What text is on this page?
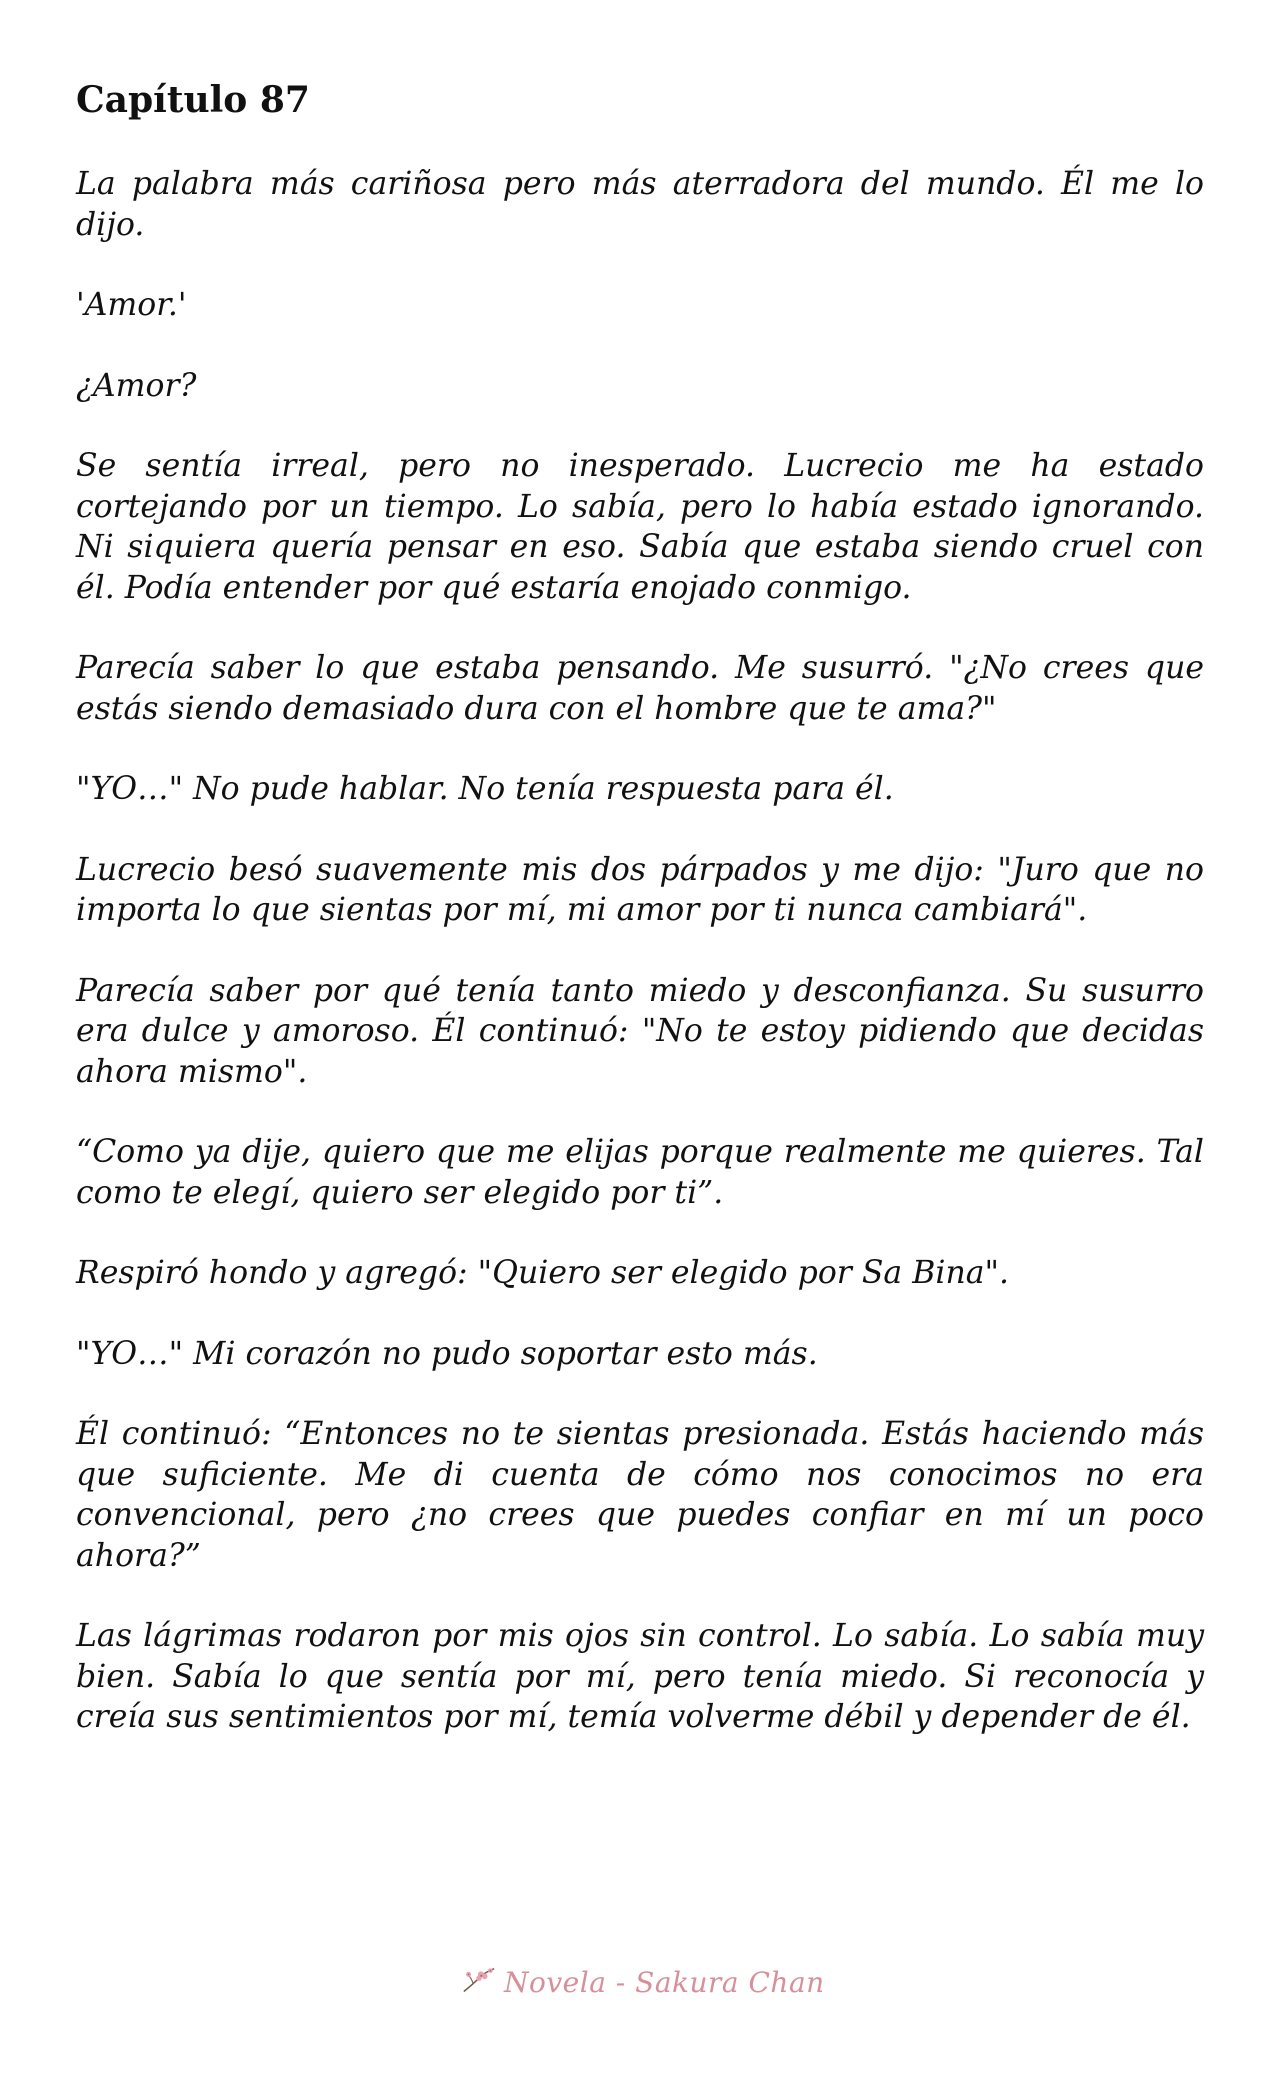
Capítulo 87

La palabra más cariñosa pero más aterradora del mundo. Él me lo dijo.

'Amor.'

¿Amor?

Se sentía irreal, pero no inesperado. Lucrecio me ha estado cortejando por un tiempo. Lo sabía, pero lo había estado ignorando. Ni siquiera quería pensar en eso. Sabía que estaba siendo cruel con él. Podía entender por qué estaría enojado conmigo.

Parecía saber lo que estaba pensando. Me susurró. "¿No crees que estás siendo demasiado dura con el hombre que te ama?"

"YO…" No pude hablar. No tenía respuesta para él.

Lucrecio besó suavemente mis dos párpados y me dijo: "Juro que no importa lo que sientas por mí, mi amor por ti nunca cambiará".

Parecía saber por qué tenía tanto miedo y desconfianza. Su susurro era dulce y amoroso. Él continuó: "No te estoy pidiendo que decidas ahora mismo".

“Como ya dije, quiero que me elijas porque realmente me quieres. Tal como te elegí, quiero ser elegido por ti”.

Respiró hondo y agregó: "Quiero ser elegido por Sa Bina".

"YO…" Mi corazón no pudo soportar esto más.

Él continuó: “Entonces no te sientas presionada. Estás haciendo más que suficiente. Me di cuenta de cómo nos conocimos no era convencional, pero ¿no crees que puedes confiar en mí un poco ahora?”

Las lágrimas rodaron por mis ojos sin control. Lo sabía. Lo sabía muy bien. Sabía lo que sentía por mí, pero tenía miedo. Si reconocía y creía sus sentimientos por mí, temía volverme débil y depender de él.

Novela - Sakura Chan
